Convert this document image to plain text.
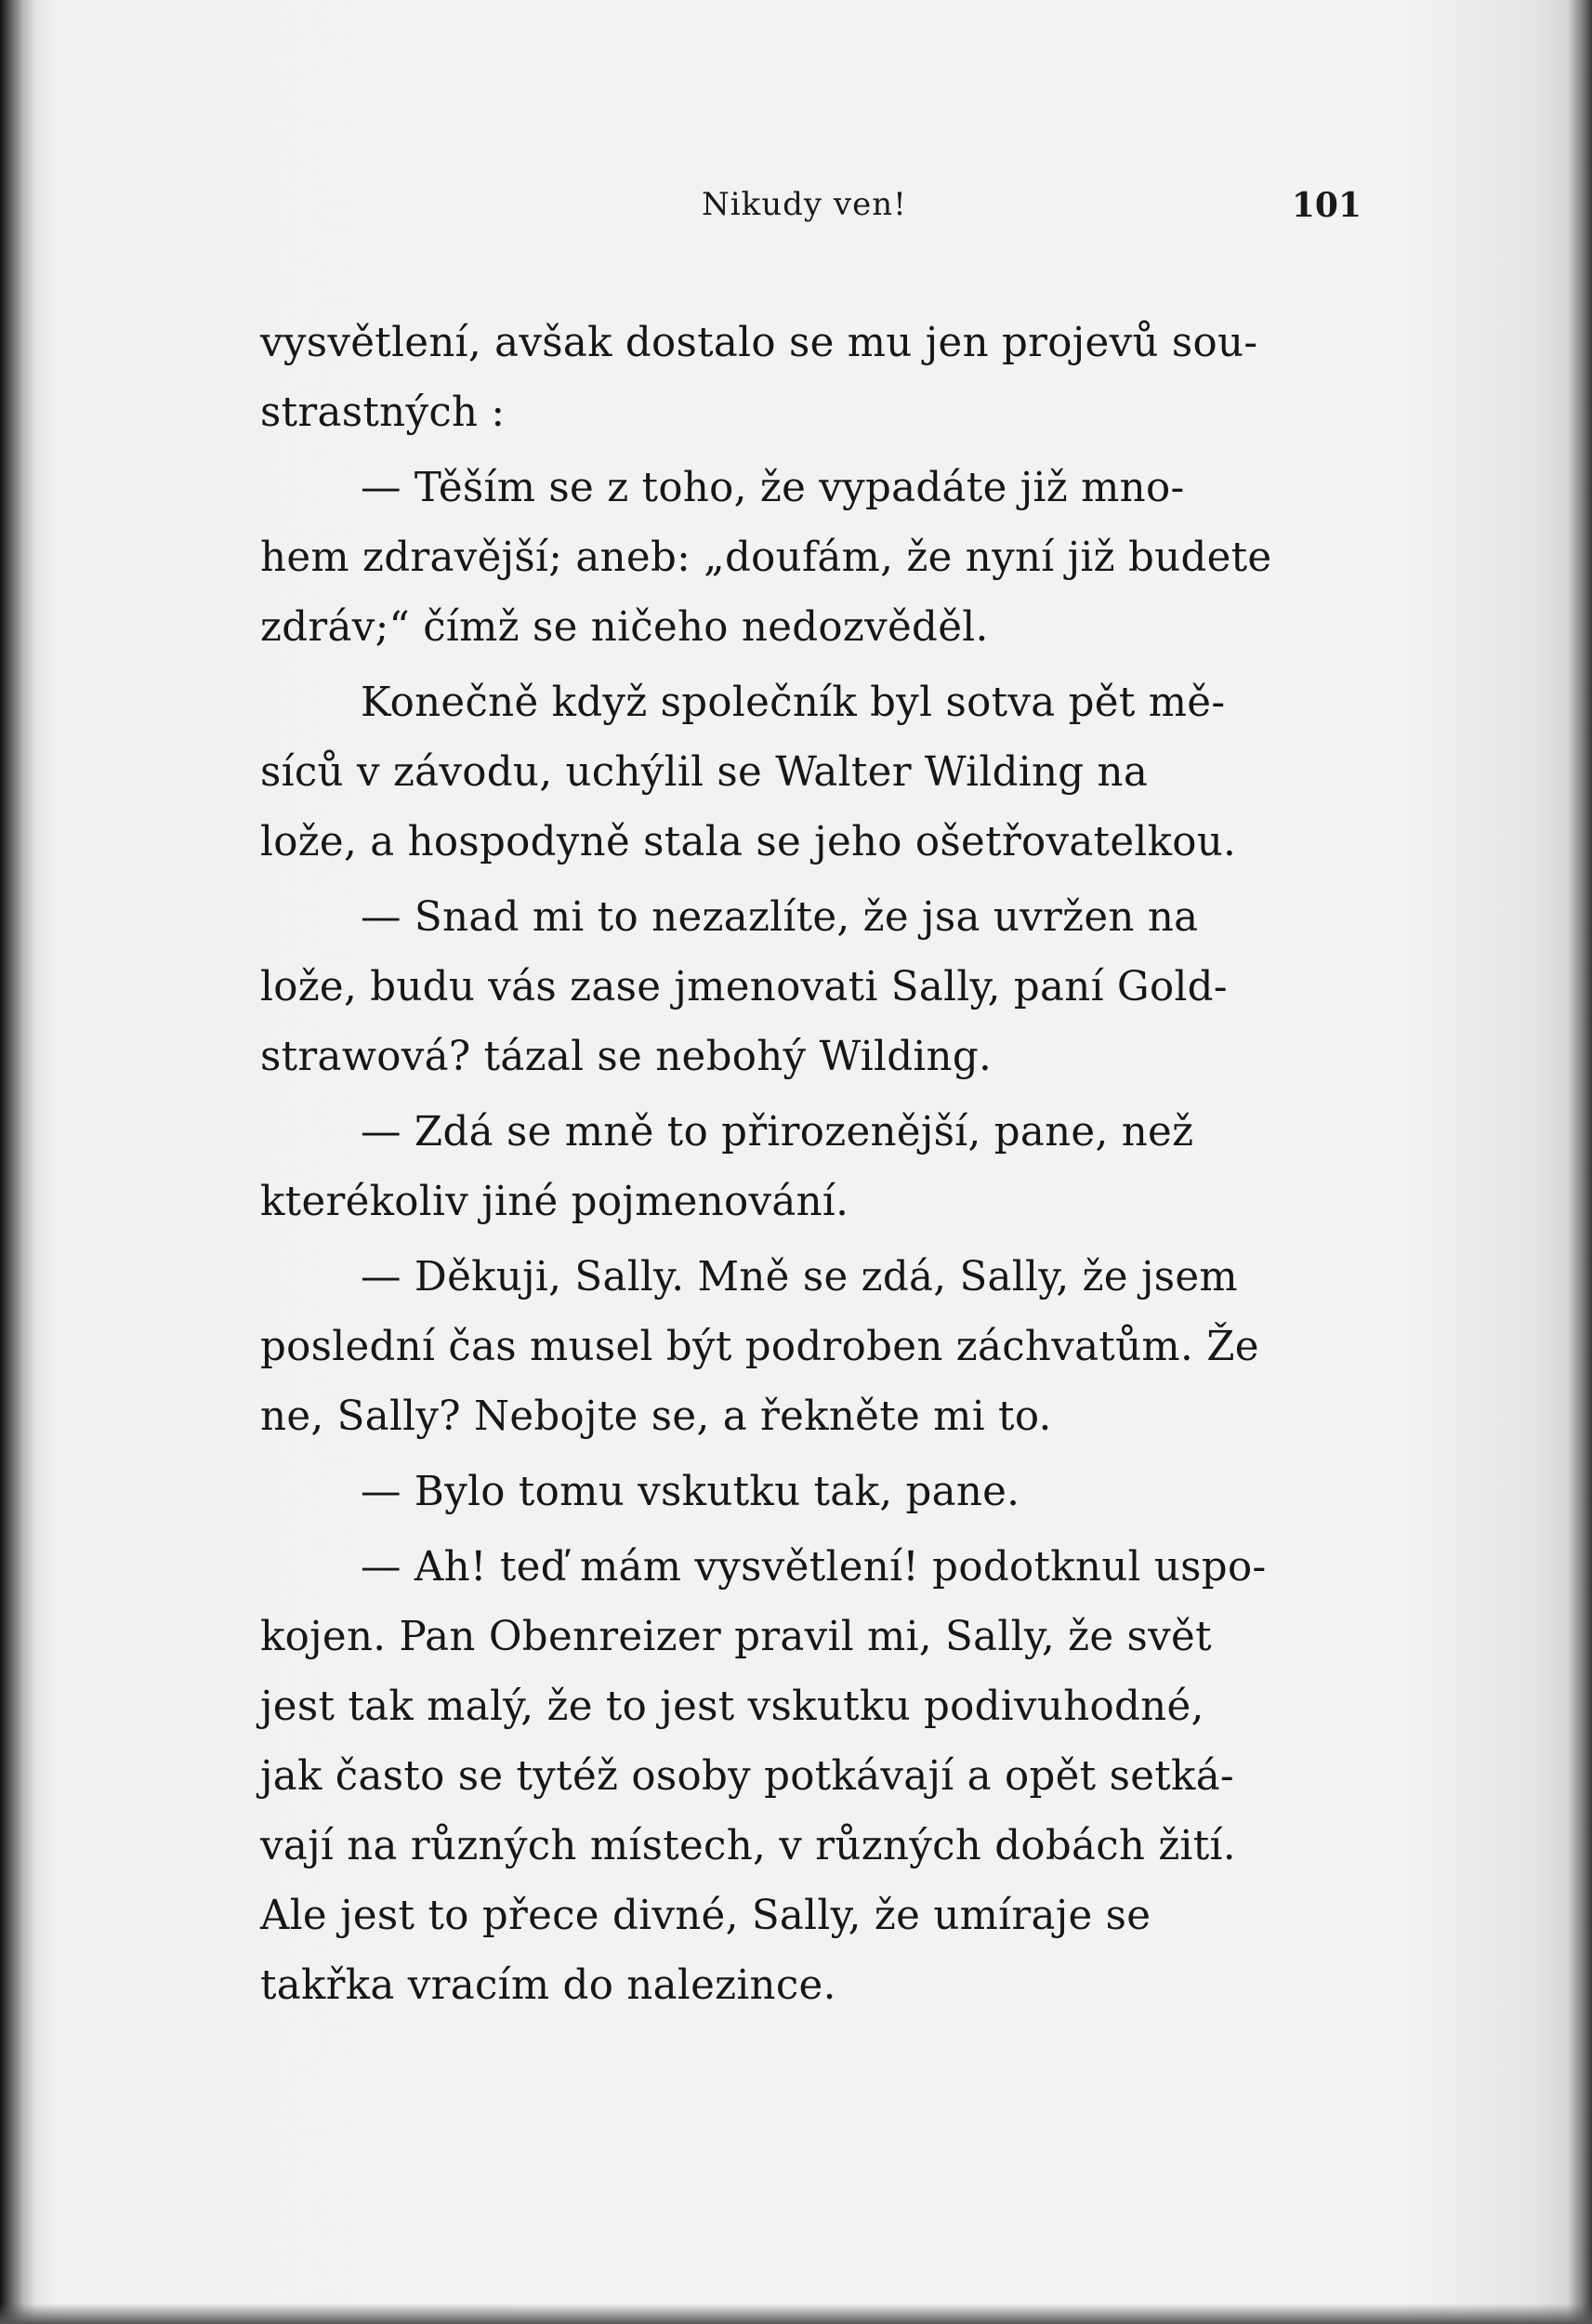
Nikudy ven!	101

vysvětlení, avšak dostalo se mu jen projevů sou-
strastných :

— Těším se z toho, že vypadáte již mno-
hem zdravější; aneb: „doufám, že nyní již budete
zdráv;“ čímž se ničeho nedozvěděl.

Konečně když společník byl sotva pět mě-
síců v závodu, uchýlil se Walter Wilding na
lože, a hospodyně stala se jeho ošetřovatelkou.

— Snad mi to nezazlíte, že jsa uvržen na
lože, budu vás zase jmenovati Sally, paní Gold-
strawová? tázal se nebohý Wilding.

— Zdá se mně to přirozenější, pane, než
kterékoliv jiné pojmenování.

— Děkuji, Sally. Mně se zdá, Sally, že jsem
poslední čas musel být podroben záchvatům. Že
ne, Sally? Nebojte se, a řekněte mi to.

— Bylo tomu vskutku tak, pane.

— Ah! teď mám vysvětlení! podotknul uspo-
kojen. Pan Obenreizer pravil mi, Sally, že svět
jest tak malý, že to jest vskutku podivuhodné,
jak často se tytéž osoby potkávají a opět setká-
vají na různých místech, v různých dobách žití.
Ale jest to přece divné, Sally, že umíraje se
takřka vracím do nalezince.
